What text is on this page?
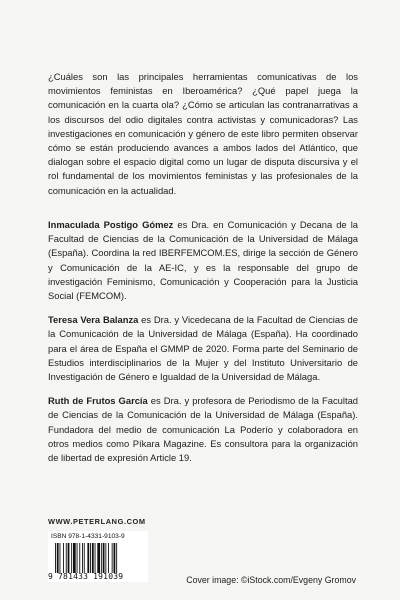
¿Cuáles son las principales herramientas comunicativas de los movimientos feministas en Iberoamérica? ¿Qué papel juega la comunicación en la cuarta ola? ¿Cómo se articulan las contranarrativas a los discursos del odio digitales contra activistas y comunicadoras? Las investigaciones en comunicación y género de este libro permiten observar cómo se están produciendo avances a ambos lados del Atlántico, que dialogan sobre el espacio digital como un lugar de disputa discursiva y el rol fundamental de los movimientos feministas y las profesionales de la comunicación en la actualidad.

Inmaculada Postigo Gómez es Dra. en Comunicación y Decana de la Facultad de Ciencias de la Comunicación de la Universidad de Málaga (España). Coordina la red IBERFEMCOM.ES, dirige la sección de Género y Comunicación de la AE-IC, y es la responsable del grupo de investigación Feminismo, Comunicación y Cooperación para la Justicia Social (FEMCOM).

Teresa Vera Balanza es Dra. y Vicedecana de la Facultad de Ciencias de la Comunicación de la Universidad de Málaga (España). Ha coordinado para el área de España el GMMP de 2020. Forma parte del Seminario de Estudios interdisciplinarios de la Mujer y del Instituto Universitario de Investigación de Género e Igualdad de la Universidad de Málaga.

Ruth de Frutos García es Dra. y profesora de Periodismo de la Facultad de Ciencias de la Comunicación de la Universidad de Málaga (España). Fundadora del medio de comunicación La Poderío y colaboradora en otros medios como Píkara Magazine. Es consultora para la organización de libertad de expresión Article 19.

WWW.PETERLANG.COM
ISBN 978-1-4331-9103-9
9 781433 191039	Cover image: ©iStock.com/Evgeny Gromov
